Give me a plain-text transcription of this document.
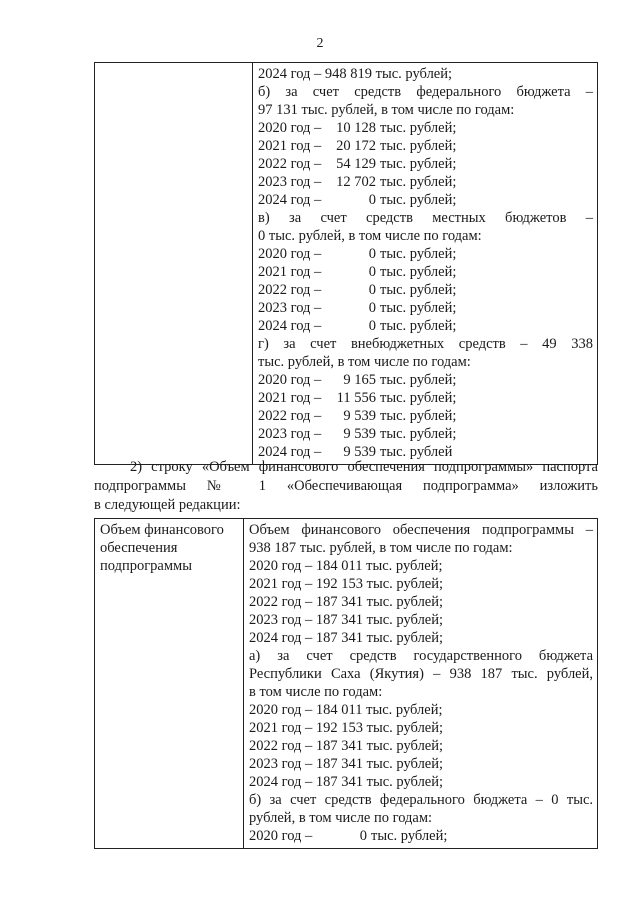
2

2024 год – 948 819 тыс. рублей;
б) за счет средств федерального бюджета –
97 131 тыс. рублей, в том числе по годам:
2020 год – 10 128 тыс. рублей;
2021 год – 20 172 тыс. рублей;
2022 год – 54 129 тыс. рублей;
2023 год – 12 702 тыс. рублей;
2024 год –	0 тыс. рублей;
в) за счет средств местных бюджетов –
0 тыс. рублей, в том числе по годам:
2020 год –	0 тыс. рублей;
2021 год –	0 тыс. рублей;
2022 год –	0 тыс. рублей;
2023 год –	0 тыс. рублей;
2024 год –	0 тыс. рублей;
г) за счет внебюджетных средств – 49 338
тыс. рублей, в том числе по годам:
2020 год – 9 165 тыс. рублей;
2021 год – 11 556 тыс. рублей;
2022 год – 9 539 тыс. рублей;
2023 год – 9 539 тыс. рублей;
2024 год – 9 539 тыс. рублей
2) строку «Объем финансового обеспечения подпрограммы» паспорта
подпрограммы № 1 «Обеспечивающая подпрограмма» изложить
в следующей редакции:
Объем финансового
обеспечения
подпрограммы

Объем финансового обеспечения подпрограммы –
938 187 тыс. рублей, в том числе по годам:
2020 год – 184 011 тыс. рублей;
2021 год – 192 153 тыс. рублей;
2022 год – 187 341 тыс. рублей;
2023 год – 187 341 тыс. рублей;
2024 год – 187 341 тыс. рублей;
а) за счет средств государственного бюджета
Республики Саха (Якутия) – 938 187 тыс. рублей,
в том числе по годам:
2020 год – 184 011 тыс. рублей;
2021 год – 192 153 тыс. рублей;
2022 год – 187 341 тыс. рублей;
2023 год – 187 341 тыс. рублей;
2024 год – 187 341 тыс. рублей;
б) за счет средств федерального бюджета – 0 тыс.
рублей, в том числе по годам:
2020 год –	0 тыс. рублей;
